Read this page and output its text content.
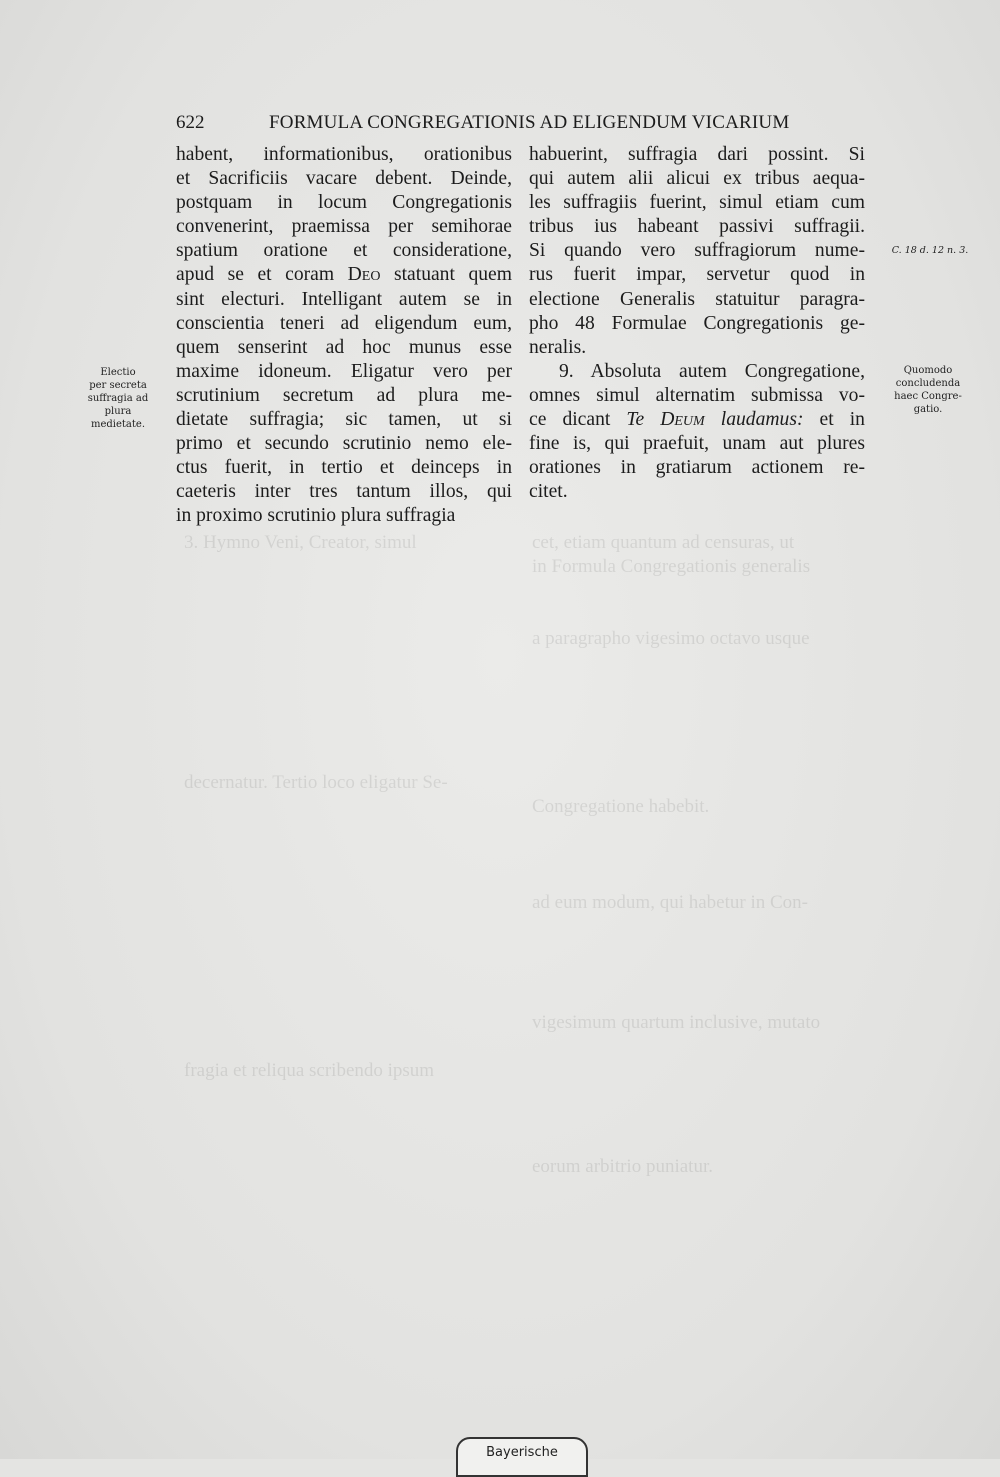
cet, etiam quantum ad censuras, ut
in Formula Congregationis generalis
a paragrapho vigesimo octavo usque
Congregatione habebit.
ad eum modum, qui habetur in Con-
vigesimum quartum inclusive, mutato
eorum arbitrio puniatur.
3. Hymno Veni, Creator, simul
decernatur. Tertio loco eligatur Se-
fragia et reliqua scribendo ipsum
622	FORMULA CONGREGATIONIS AD ELIGENDUM VICARIUM
habent, informationibus, orationibus
et Sacrificiis vacare debent. Deinde,
postquam in locum Congregationis
convenerint, praemissa per semihorae
spatium oratione et consideratione,
apud se et coram Deo statuant quem
sint electuri. Intelligant autem se in
conscientia teneri ad eligendum eum,
quem senserint ad hoc munus esse
maxime idoneum. Eligatur vero per
scrutinium secretum ad plura me-
dietate suffragia; sic tamen, ut si
primo et secundo scrutinio nemo ele-
ctus fuerit, in tertio et deinceps in
caeteris inter tres tantum illos, qui
in proximo scrutinio plura suffragia
habuerint, suffragia dari possint. Si
qui autem alii alicui ex tribus aequa-
les suffragiis fuerint, simul etiam cum
tribus ius habeant passivi suffragii.
Si quando vero suffragiorum nume-
rus fuerit impar, servetur quod in
electione Generalis statuitur paragra-
pho 48 Formulae Congregationis ge-
neralis.
9. Absoluta autem Congregatione,
omnes simul alternatim submissa vo-
ce dicant Te Deum laudamus: et in
fine is, qui praefuit, unam aut plures
orationes in gratiarum actionem re-
citet.
Electio
per secreta
suffragia ad
plura
medietate.
C. 18 d. 12 n. 3.
Quomodo
concludenda
haec Congre-
gatio.
Bayerische
